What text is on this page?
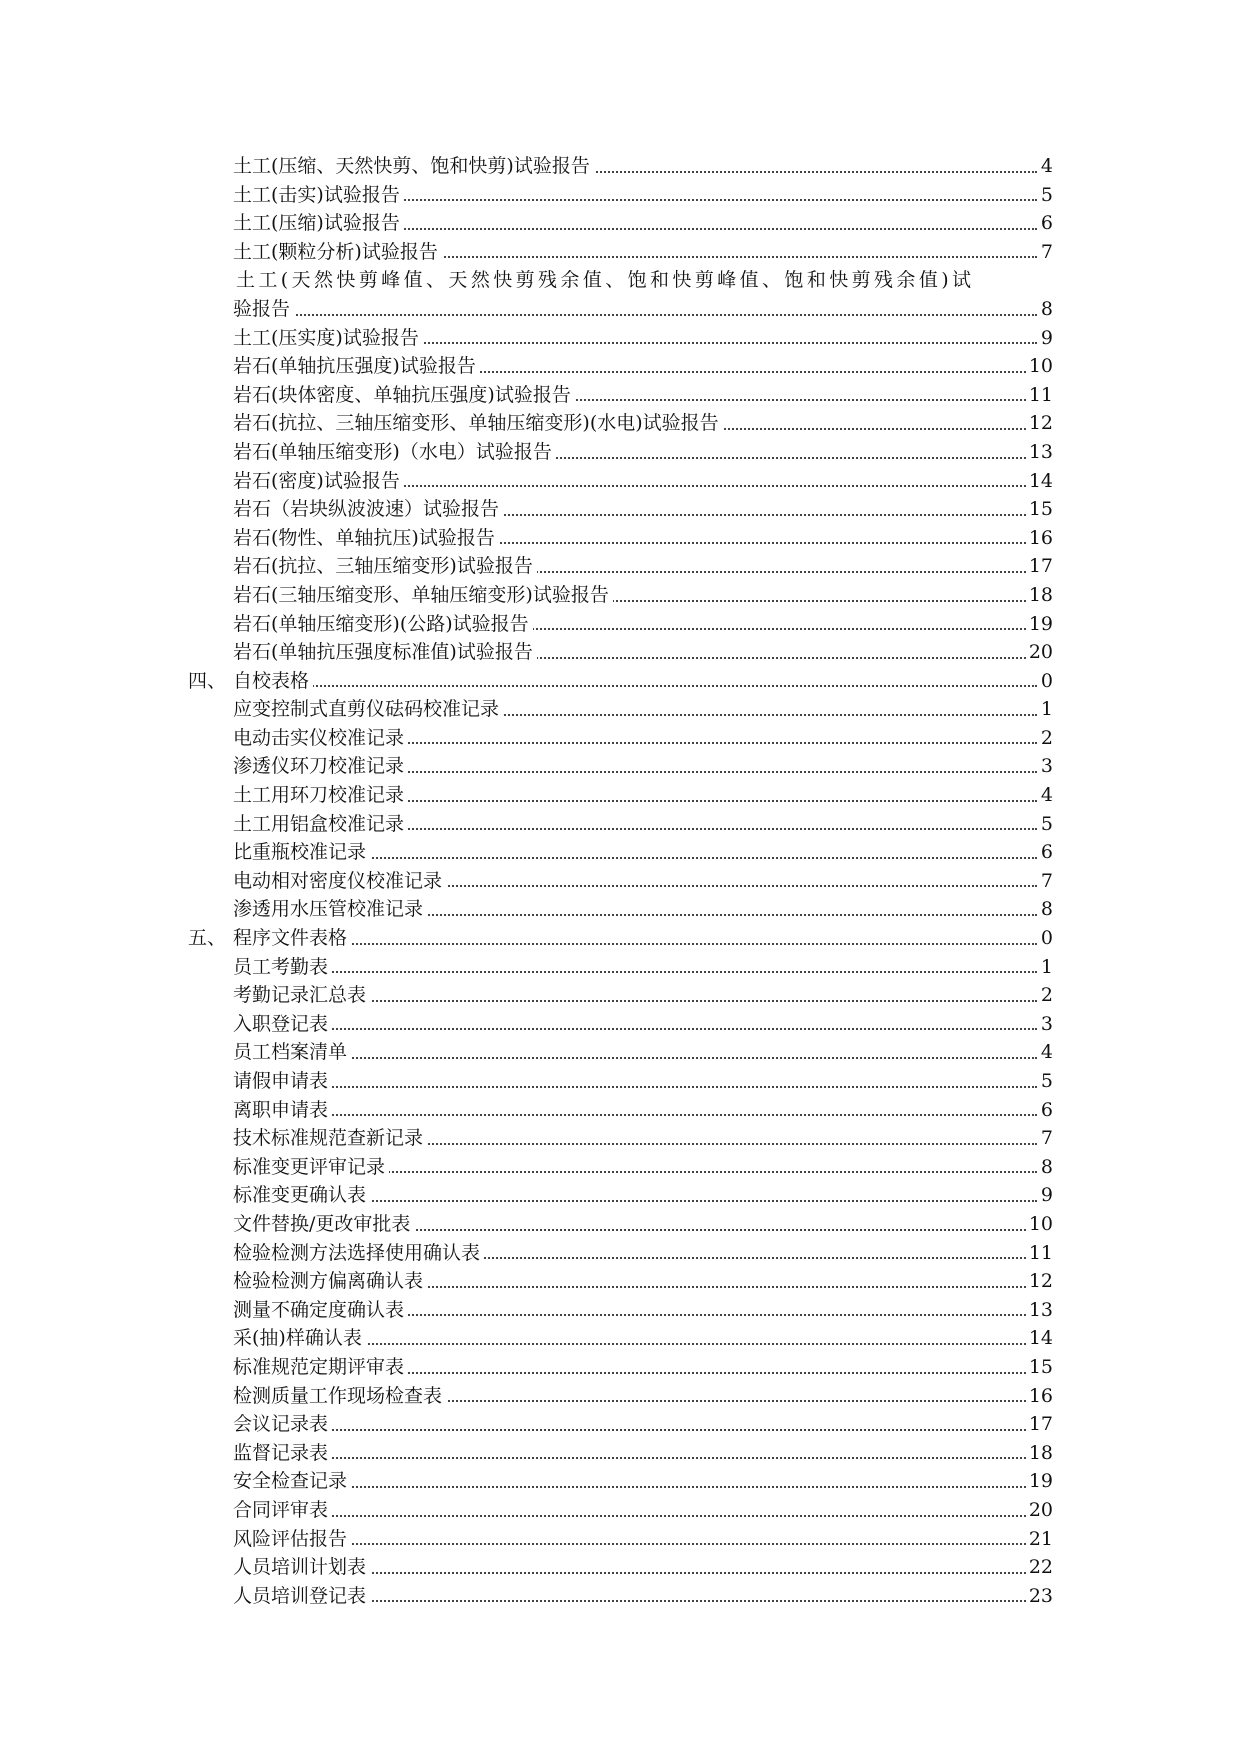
土工(压缩、天然快剪、饱和快剪)试验报告	4
土工(击实)试验报告	5
土工(压缩)试验报告	6
土工(颗粒分析)试验报告	7
土工(天然快剪峰值、天然快剪残余值、饱和快剪峰值、饱和快剪残余值)试
验报告	8
土工(压实度)试验报告	9
岩石(单轴抗压强度)试验报告	10
岩石(块体密度、单轴抗压强度)试验报告	11
岩石(抗拉、三轴压缩变形、单轴压缩变形)(水电)试验报告	12
岩石(单轴压缩变形)（水电）试验报告	13
岩石(密度)试验报告	14
岩石（岩块纵波波速）试验报告	15
岩石(物性、单轴抗压)试验报告	16
岩石(抗拉、三轴压缩变形)试验报告	17
岩石(三轴压缩变形、单轴压缩变形)试验报告	18
岩石(单轴压缩变形)(公路)试验报告	19
岩石(单轴抗压强度标准值)试验报告	20
四、 自校表格	0
应变控制式直剪仪砝码校准记录	1
电动击实仪校准记录	2
渗透仪环刀校准记录	3
土工用环刀校准记录	4
土工用铝盒校准记录	5
比重瓶校准记录	6
电动相对密度仪校准记录	7
渗透用水压管校准记录	8
五、 程序文件表格	0
员工考勤表	1
考勤记录汇总表	2
入职登记表	3
员工档案清单	4
请假申请表	5
离职申请表	6
技术标准规范查新记录	7
标准变更评审记录	8
标准变更确认表	9
文件替换/更改审批表	10
检验检测方法选择使用确认表	11
检验检测方偏离确认表	12
测量不确定度确认表	13
采(抽)样确认表	14
标准规范定期评审表	15
检测质量工作现场检查表	16
会议记录表	17
监督记录表	18
安全检查记录	19
合同评审表	20
风险评估报告	21
人员培训计划表	22
人员培训登记表	23
